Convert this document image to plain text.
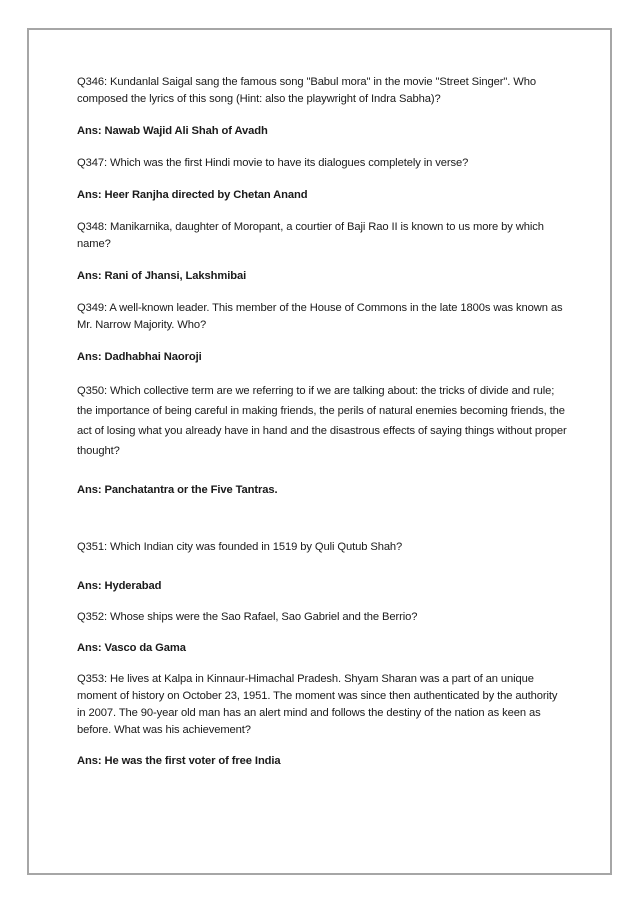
Q346: Kundanlal Saigal sang the famous song "Babul mora" in the movie "Street Singer". Who composed the lyrics of this song (Hint: also the playwright of Indra Sabha)?

Ans: Nawab Wajid Ali Shah of Avadh

Q347: Which was the first Hindi movie to have its dialogues completely in verse?

Ans: Heer Ranjha directed by Chetan Anand

Q348: Manikarnika, daughter of Moropant, a courtier of Baji Rao II is known to us more by which name?

Ans: Rani of Jhansi, Lakshmibai

Q349: A well-known leader. This member of the House of Commons in the late 1800s was known as Mr. Narrow Majority. Who?

Ans: Dadhabhai Naoroji

Q350: Which collective term are we referring to if we are talking about: the tricks of divide and rule; the importance of being careful in making friends, the perils of natural enemies becoming friends, the act of losing what you already have in hand and the disastrous effects of saying things without proper thought?

Ans: Panchatantra or the Five Tantras.

Q351: Which Indian city was founded in 1519 by Quli Qutub Shah?

Ans: Hyderabad

Q352: Whose ships were the Sao Rafael, Sao Gabriel and the Berrio?

Ans: Vasco da Gama

Q353: He lives at Kalpa in Kinnaur-Himachal Pradesh. Shyam Sharan was a part of an unique moment of history on October 23, 1951. The moment was since then authenticated by the authority in 2007. The 90-year old man has an alert mind and follows the destiny of the nation as keen as before. What was his achievement?

Ans: He was the first voter of free India
